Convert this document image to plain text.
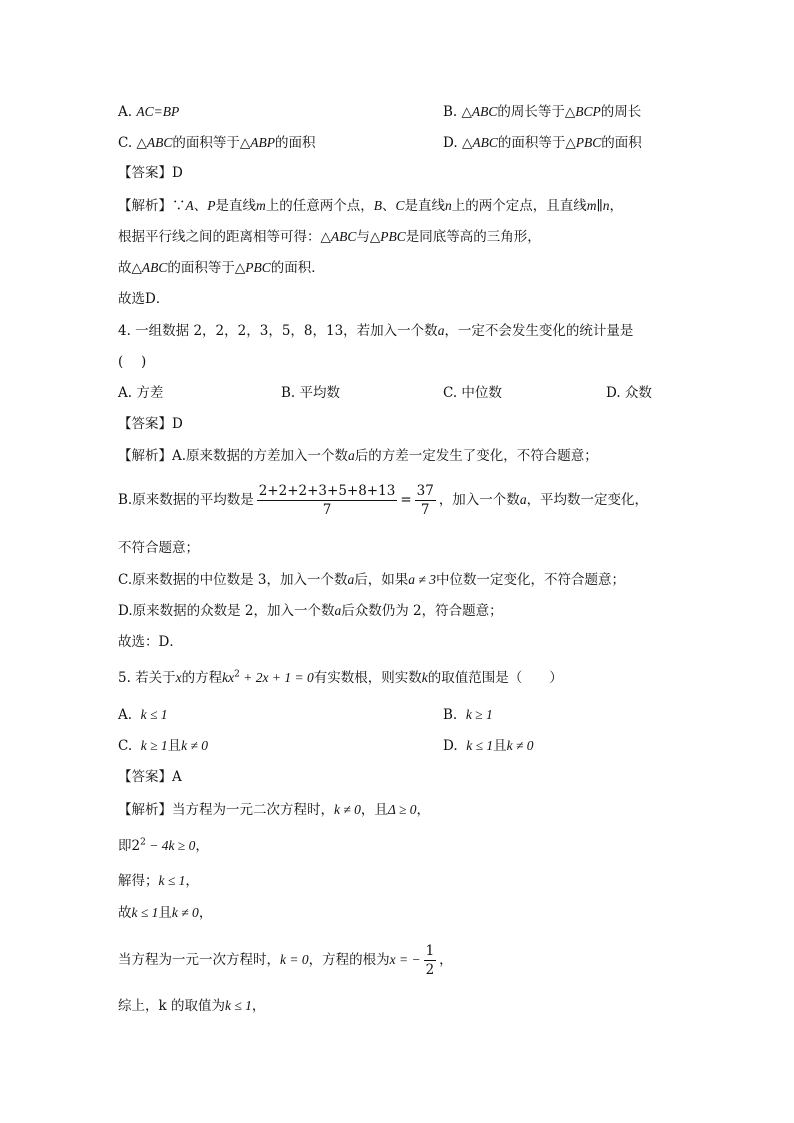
A. AC=BP	B. △ABC的周长等于△BCP的周长
C. △ABC的面积等于△ABP的面积	D. △ABC的面积等于△PBC的面积
【答案】D
【解析】∵A、P是直线m上的任意两个点，B、C是直线n上的两个定点，且直线m∥n，
根据平行线之间的距离相等可得：△ABC与△PBC是同底等高的三角形，
故△ABC的面积等于△PBC的面积．
故选D．
4. 一组数据 2，2，2，3，5，8，13，若加入一个数a，一定不会发生变化的统计量是
(　 )
A. 方差	B. 平均数	C. 中位数	D. 众数
【答案】D
【解析】A.原来数据的方差加入一个数a后的方差一定发生了变化，不符合题意；
B.原来数据的平均数是 $\frac{2+2+2+3+5+8+13}{7} = \frac{37}{7}$ ，加入一个数a，平均数一定变化，
不符合题意；
C.原来数据的中位数是 3，加入一个数a后，如果a ≠ 3中位数一定变化，不符合题意；
D.原来数据的众数是 2，加入一个数a后众数仍为 2，符合题意；
故选：D．
5. 若关于x的方程$kx^2 + 2x + 1 = 0$有实数根，则实数k的取值范围是（　　）
A. k ≤ 1	B. k ≥ 1
C. k ≥ 1且k ≠ 0	D. k ≤ 1且k ≠ 0
【答案】A
【解析】当方程为一元二次方程时，k ≠ 0，且Δ ≥ 0，
即$2^2 - 4k \ge 0$，
解得；k ≤ 1，
故k ≤ 1且k ≠ 0，
当方程为一元一次方程时，k = 0，方程的根为x = − $\frac{1}{2}$ ，
综上，k 的取值为k ≤ 1，
